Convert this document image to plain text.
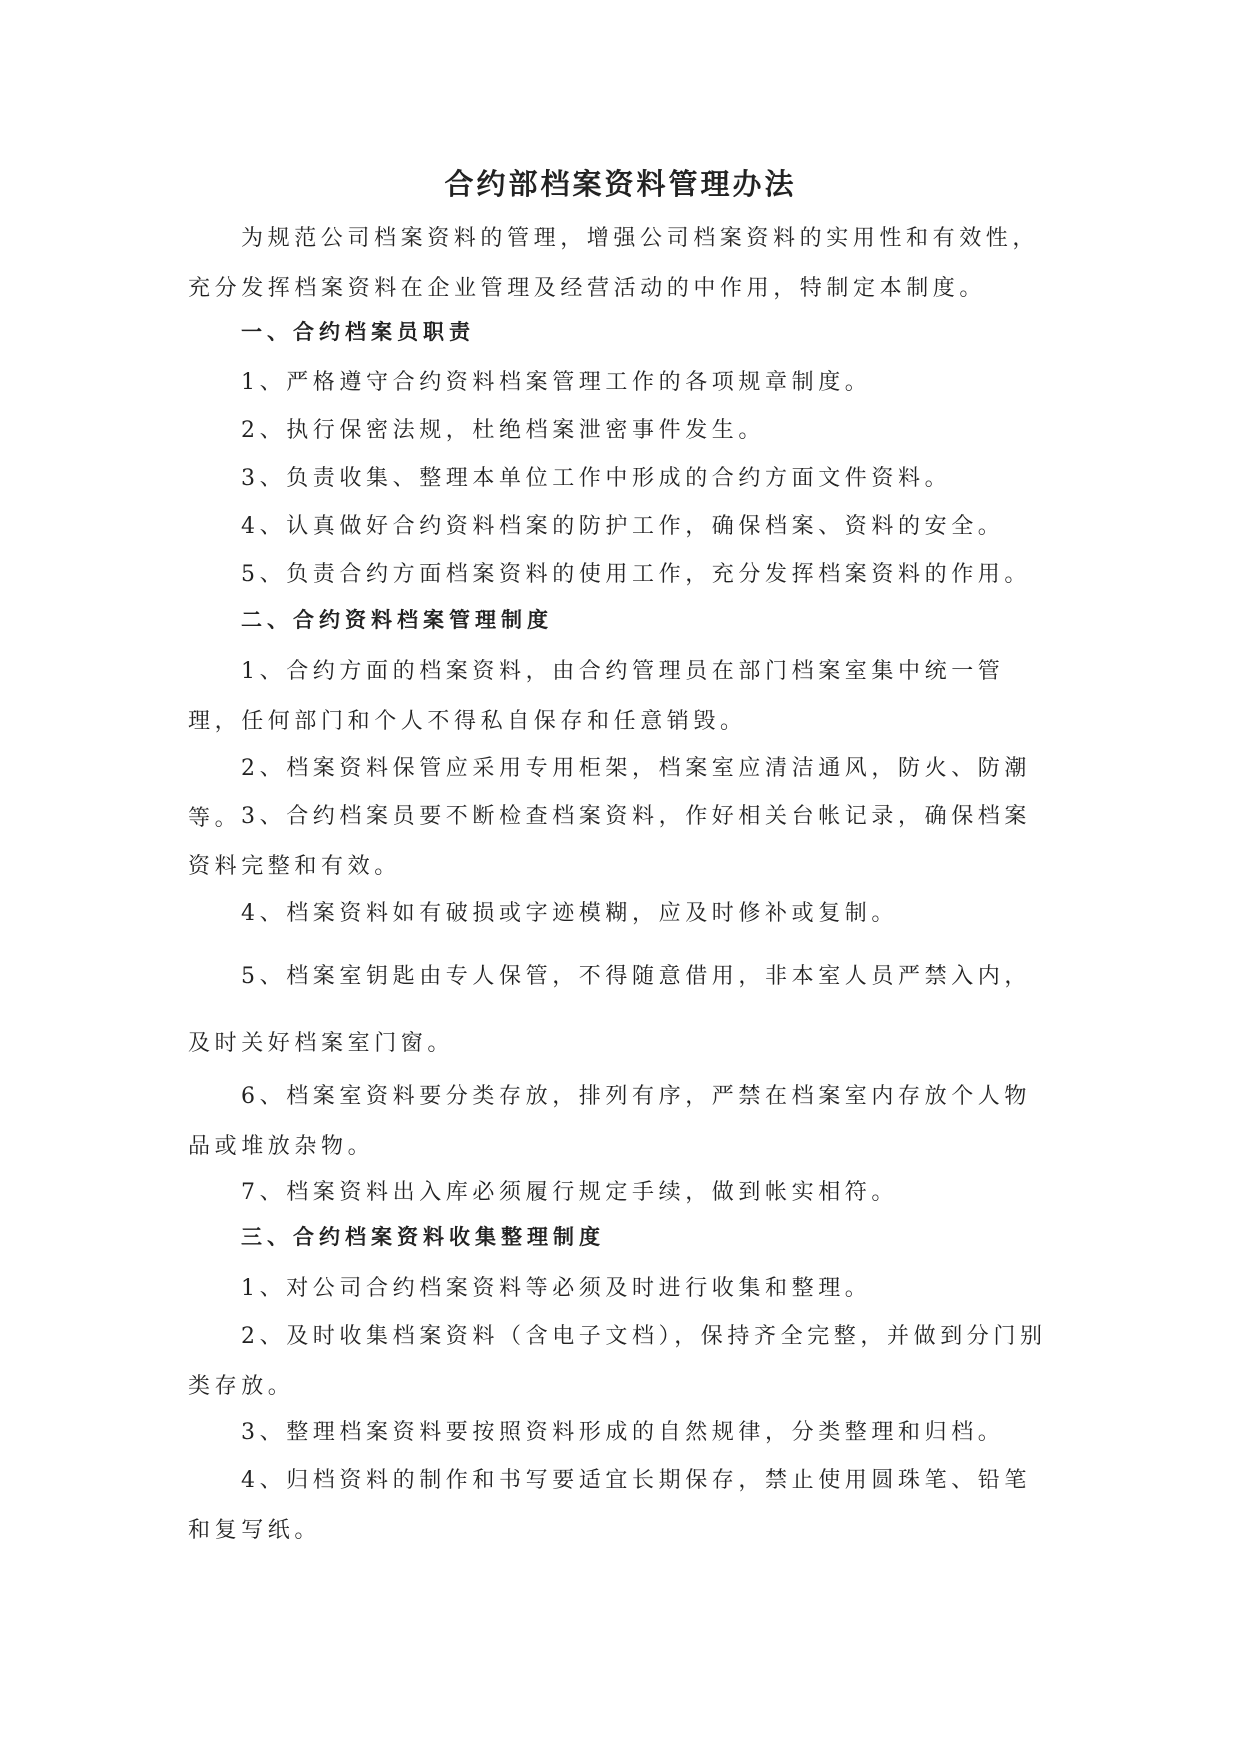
合约部档案资料管理办法
为规范公司档案资料的管理，增强公司档案资料的实用性和有效性，充分发挥档案资料在企业管理及经营活动的中作用，特制定本制度。
一、合约档案员职责
1、严格遵守合约资料档案管理工作的各项规章制度。
2、执行保密法规，杜绝档案泄密事件发生。
3、负责收集、整理本单位工作中形成的合约方面文件资料。
4、认真做好合约资料档案的防护工作，确保档案、资料的安全。
5、负责合约方面档案资料的使用工作，充分发挥档案资料的作用。
二、合约资料档案管理制度
1、合约方面的档案资料，由合约管理员在部门档案室集中统一管理，任何部门和个人不得私自保存和任意销毁。
2、档案资料保管应采用专用柜架，档案室应清洁通风，防火、防潮等。 3、合约档案员要不断检查档案资料，作好相关台帐记录，确保档案资料完整和有效。
4、档案资料如有破损或字迹模糊，应及时修补或复制。
5、档案室钥匙由专人保管，不得随意借用，非本室人员严禁入内，及时关好档案室门窗。
6、档案室资料要分类存放，排列有序，严禁在档案室内存放个人物品或堆放杂物。
7、档案资料出入库必须履行规定手续，做到帐实相符。
三、合约档案资料收集整理制度
1、对公司合约档案资料等必须及时进行收集和整理。
2、及时收集档案资料（含电子文档），保持齐全完整，并做到分门别类存放。
3、整理档案资料要按照资料形成的自然规律，分类整理和归档。
4、归档资料的制作和书写要适宜长期保存，禁止使用圆珠笔、铅笔和复写纸。
